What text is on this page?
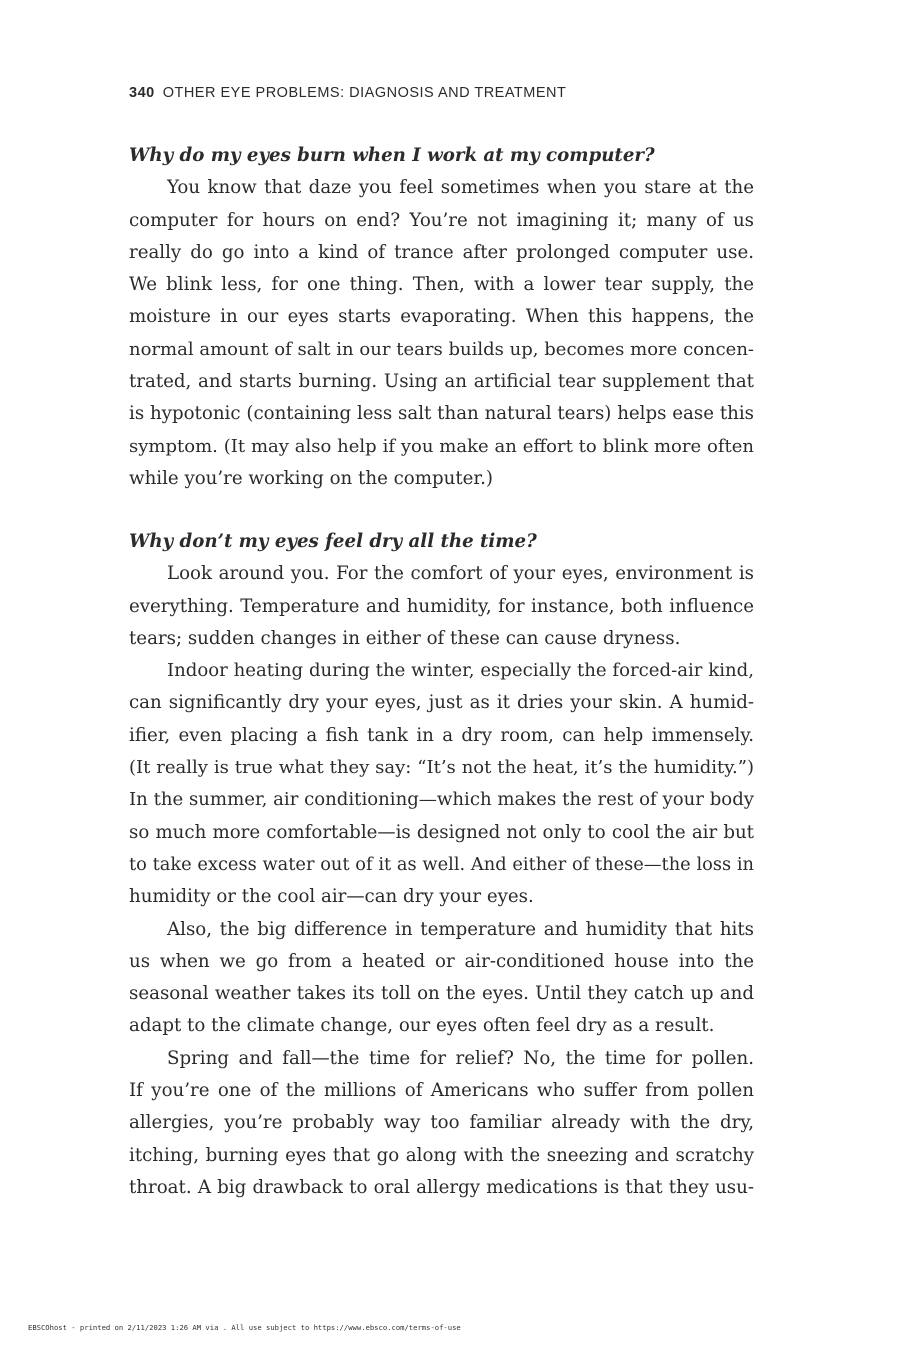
340 OTHER EYE PROBLEMS: DIAGNOSIS AND TREATMENT

Why do my eyes burn when I work at my computer?

You know that daze you feel sometimes when you stare at the
computer for hours on end? You’re not imagining it; many of us
really do go into a kind of trance after prolonged computer use.
We blink less, for one thing. Then, with a lower tear supply, the
moisture in our eyes starts evaporating. When this happens, the
normal amount of salt in our tears builds up, becomes more concen-
trated, and starts burning. Using an artificial tear supplement that
is hypotonic (containing less salt than natural tears) helps ease this
symptom. (It may also help if you make an effort to blink more often
while you’re working on the computer.)

Why don’t my eyes feel dry all the time?

Look around you. For the comfort of your eyes, environment is
everything. Temperature and humidity, for instance, both influence
tears; sudden changes in either of these can cause dryness.
Indoor heating during the winter, especially the forced-air kind,
can significantly dry your eyes, just as it dries your skin. A humid-
ifier, even placing a fish tank in a dry room, can help immensely.
(It really is true what they say: “It’s not the heat, it’s the humidity.”)
In the summer, air conditioning—which makes the rest of your body
so much more comfortable—is designed not only to cool the air but
to take excess water out of it as well. And either of these—the loss in
humidity or the cool air—can dry your eyes.
Also, the big difference in temperature and humidity that hits
us when we go from a heated or air-conditioned house into the
seasonal weather takes its toll on the eyes. Until they catch up and
adapt to the climate change, our eyes often feel dry as a result.
Spring and fall—the time for relief? No, the time for pollen.
If you’re one of the millions of Americans who suffer from pollen
allergies, you’re probably way too familiar already with the dry,
itching, burning eyes that go along with the sneezing and scratchy
throat. A big drawback to oral allergy medications is that they usu-
EBSCOhost - printed on 2/11/2023 1:26 AM via . All use subject to https://www.ebsco.com/terms-of-use
